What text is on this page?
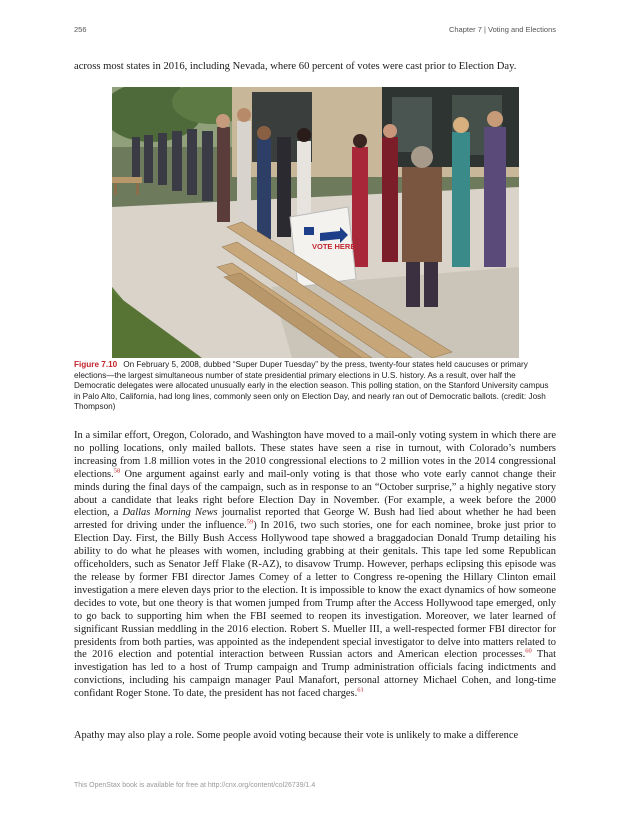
256	Chapter 7 | Voting and Elections
across most states in 2016, including Nevada, where 60 percent of votes were cast prior to Election Day.
VOTE HERE
Figure 7.10 On February 5, 2008, dubbed “Super Duper Tuesday” by the press, twenty-four states held caucuses or primary elections—the largest simultaneous number of state presidential primary elections in U.S. history. As a result, over half the Democratic delegates were allocated unusually early in the election season. This polling station, on the Stanford University campus in Palo Alto, California, had long lines, commonly seen only on Election Day, and nearly ran out of Democratic ballots. (credit: Josh Thompson)
In a similar effort, Oregon, Colorado, and Washington have moved to a mail-only voting system in which there are no polling locations, only mailed ballots. These states have seen a rise in turnout, with Colorado’s numbers increasing from 1.8 million votes in the 2010 congressional elections to 2 million votes in the 2014 congressional elections.$^{58}$ One argument against early and mail-only voting is that those who vote early cannot change their minds during the final days of the campaign, such as in response to an “October surprise,” a highly negative story about a candidate that leaks right before Election Day in November. (For example, a week before the 2000 election, a Dallas Morning News journalist reported that George W. Bush had lied about whether he had been arrested for driving under the influence.$^{59}$) In 2016, two such stories, one for each nominee, broke just prior to Election Day. First, the Billy Bush Access Hollywood tape showed a braggadocian Donald Trump detailing his ability to do what he pleases with women, including grabbing at their genitals. This tape led some Republican officeholders, such as Senator Jeff Flake (R-AZ), to disavow Trump. However, perhaps eclipsing this episode was the release by former FBI director James Comey of a letter to Congress re-opening the Hillary Clinton email investigation a mere eleven days prior to the election. It is impossible to know the exact dynamics of how someone decides to vote, but one theory is that women jumped from Trump after the Access Hollywood tape emerged, only to go back to supporting him when the FBI seemed to reopen its investigation. Moreover, we later learned of significant Russian meddling in the 2016 election. Robert S. Mueller III, a well-respected former FBI director for presidents from both parties, was appointed as the independent special investigator to delve into matters related to the 2016 election and potential interaction between Russian actors and American election processes.$^{60}$ That investigation has led to a host of Trump campaign and Trump administration officials facing indictments and convictions, including his campaign manager Paul Manafort, personal attorney Michael Cohen, and long-time confidant Roger Stone. To date, the president has not faced charges.$^{61}$
Apathy may also play a role. Some people avoid voting because their vote is unlikely to make a difference
This OpenStax book is available for free at http://cnx.org/content/col26739/1.4
